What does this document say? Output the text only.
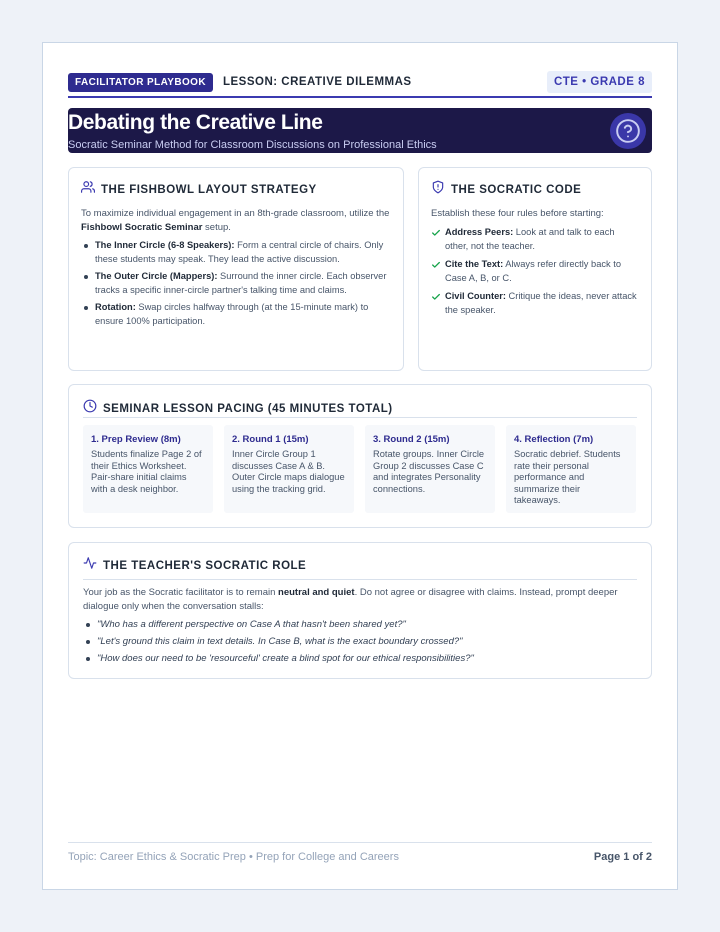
FACILITATOR PLAYBOOK	LESSON: CREATIVE DILEMMAS	CTE • GRADE 8
Debating the Creative Line
Socratic Seminar Method for Classroom Discussions on Professional Ethics
THE FISHBOWL LAYOUT STRATEGY

To maximize individual engagement in an 8th-grade classroom, utilize the Fishbowl Socratic Seminar setup.

The Inner Circle (6-8 Speakers): Form a central circle of chairs. Only these students may speak. They lead the active discussion.
The Outer Circle (Mappers): Surround the inner circle. Each observer tracks a specific inner-circle partner's talking time and claims.
Rotation: Swap circles halfway through (at the 15-minute mark) to ensure 100% participation.
THE SOCRATIC CODE

Establish these four rules before starting:

Address Peers: Look at and talk to each other, not the teacher.
Cite the Text: Always refer directly back to Case A, B, or C.
Civil Counter: Critique the ideas, never attack the speaker.
SEMINAR LESSON PACING (45 MINUTES TOTAL)
1. Prep Review (8m)
Students finalize Page 2 of their Ethics Worksheet. Pair-share initial claims with a desk neighbor.
2. Round 1 (15m)
Inner Circle Group 1 discusses Case A & B. Outer Circle maps dialogue using the tracking grid.
3. Round 2 (15m)
Rotate groups. Inner Circle Group 2 discusses Case C and integrates Personality connections.
4. Reflection (7m)
Socratic debrief. Students rate their personal performance and summarize their takeaways.
THE TEACHER'S SOCRATIC ROLE

Your job as the Socratic facilitator is to remain neutral and quiet. Do not agree or disagree with claims. Instead, prompt deeper dialogue only when the conversation stalls:

"Who has a different perspective on Case A that hasn't been shared yet?"
"Let's ground this claim in text details. In Case B, what is the exact boundary crossed?"
"How does our need to be 'resourceful' create a blind spot for our ethical responsibilities?"
Topic: Career Ethics & Socratic Prep • Prep for College and Careers	Page 1 of 2
